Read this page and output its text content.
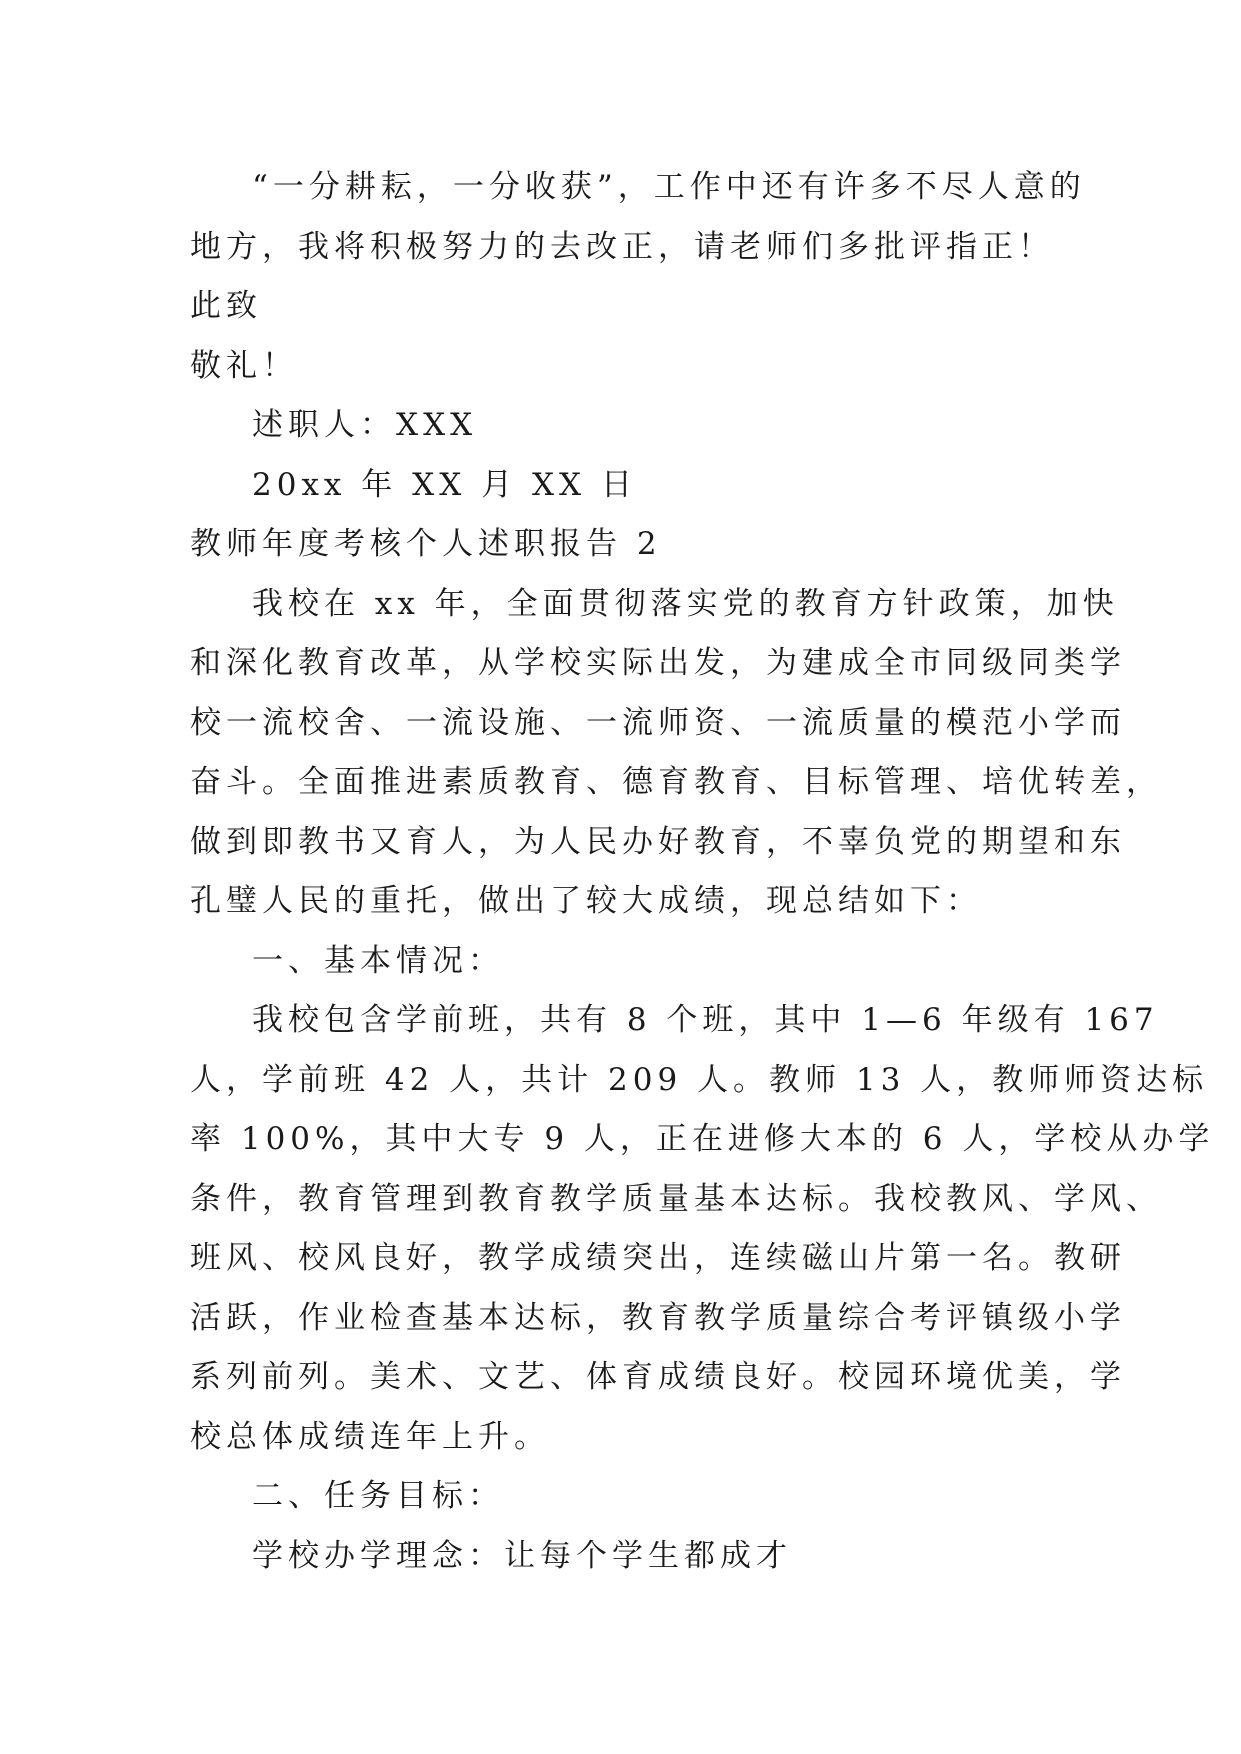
“一分耕耘，一分收获”，工作中还有许多不尽人意的
地方，我将积极努力的去改正，请老师们多批评指正！
此致
敬礼！
述职人：XXX
20xx 年 XX 月 XX 日
教师年度考核个人述职报告 2
我校在 xx 年，全面贯彻落实党的教育方针政策，加快
和深化教育改革，从学校实际出发，为建成全市同级同类学
校一流校舍、一流设施、一流师资、一流质量的模范小学而
奋斗。全面推进素质教育、德育教育、目标管理、培优转差，
做到即教书又育人，为人民办好教育，不辜负党的期望和东
孔璧人民的重托，做出了较大成绩，现总结如下：
一、基本情况：
我校包含学前班，共有 8 个班，其中 1—6 年级有 167
人，学前班 42 人，共计 209 人。教师 13 人，教师师资达标
率 100%，其中大专 9 人，正在进修大本的 6 人，学校从办学
条件，教育管理到教育教学质量基本达标。我校教风、学风、
班风、校风良好，教学成绩突出，连续磁山片第一名。教研
活跃，作业检查基本达标，教育教学质量综合考评镇级小学
系列前列。美术、文艺、体育成绩良好。校园环境优美，学
校总体成绩连年上升。
二、任务目标：
学校办学理念：让每个学生都成才
